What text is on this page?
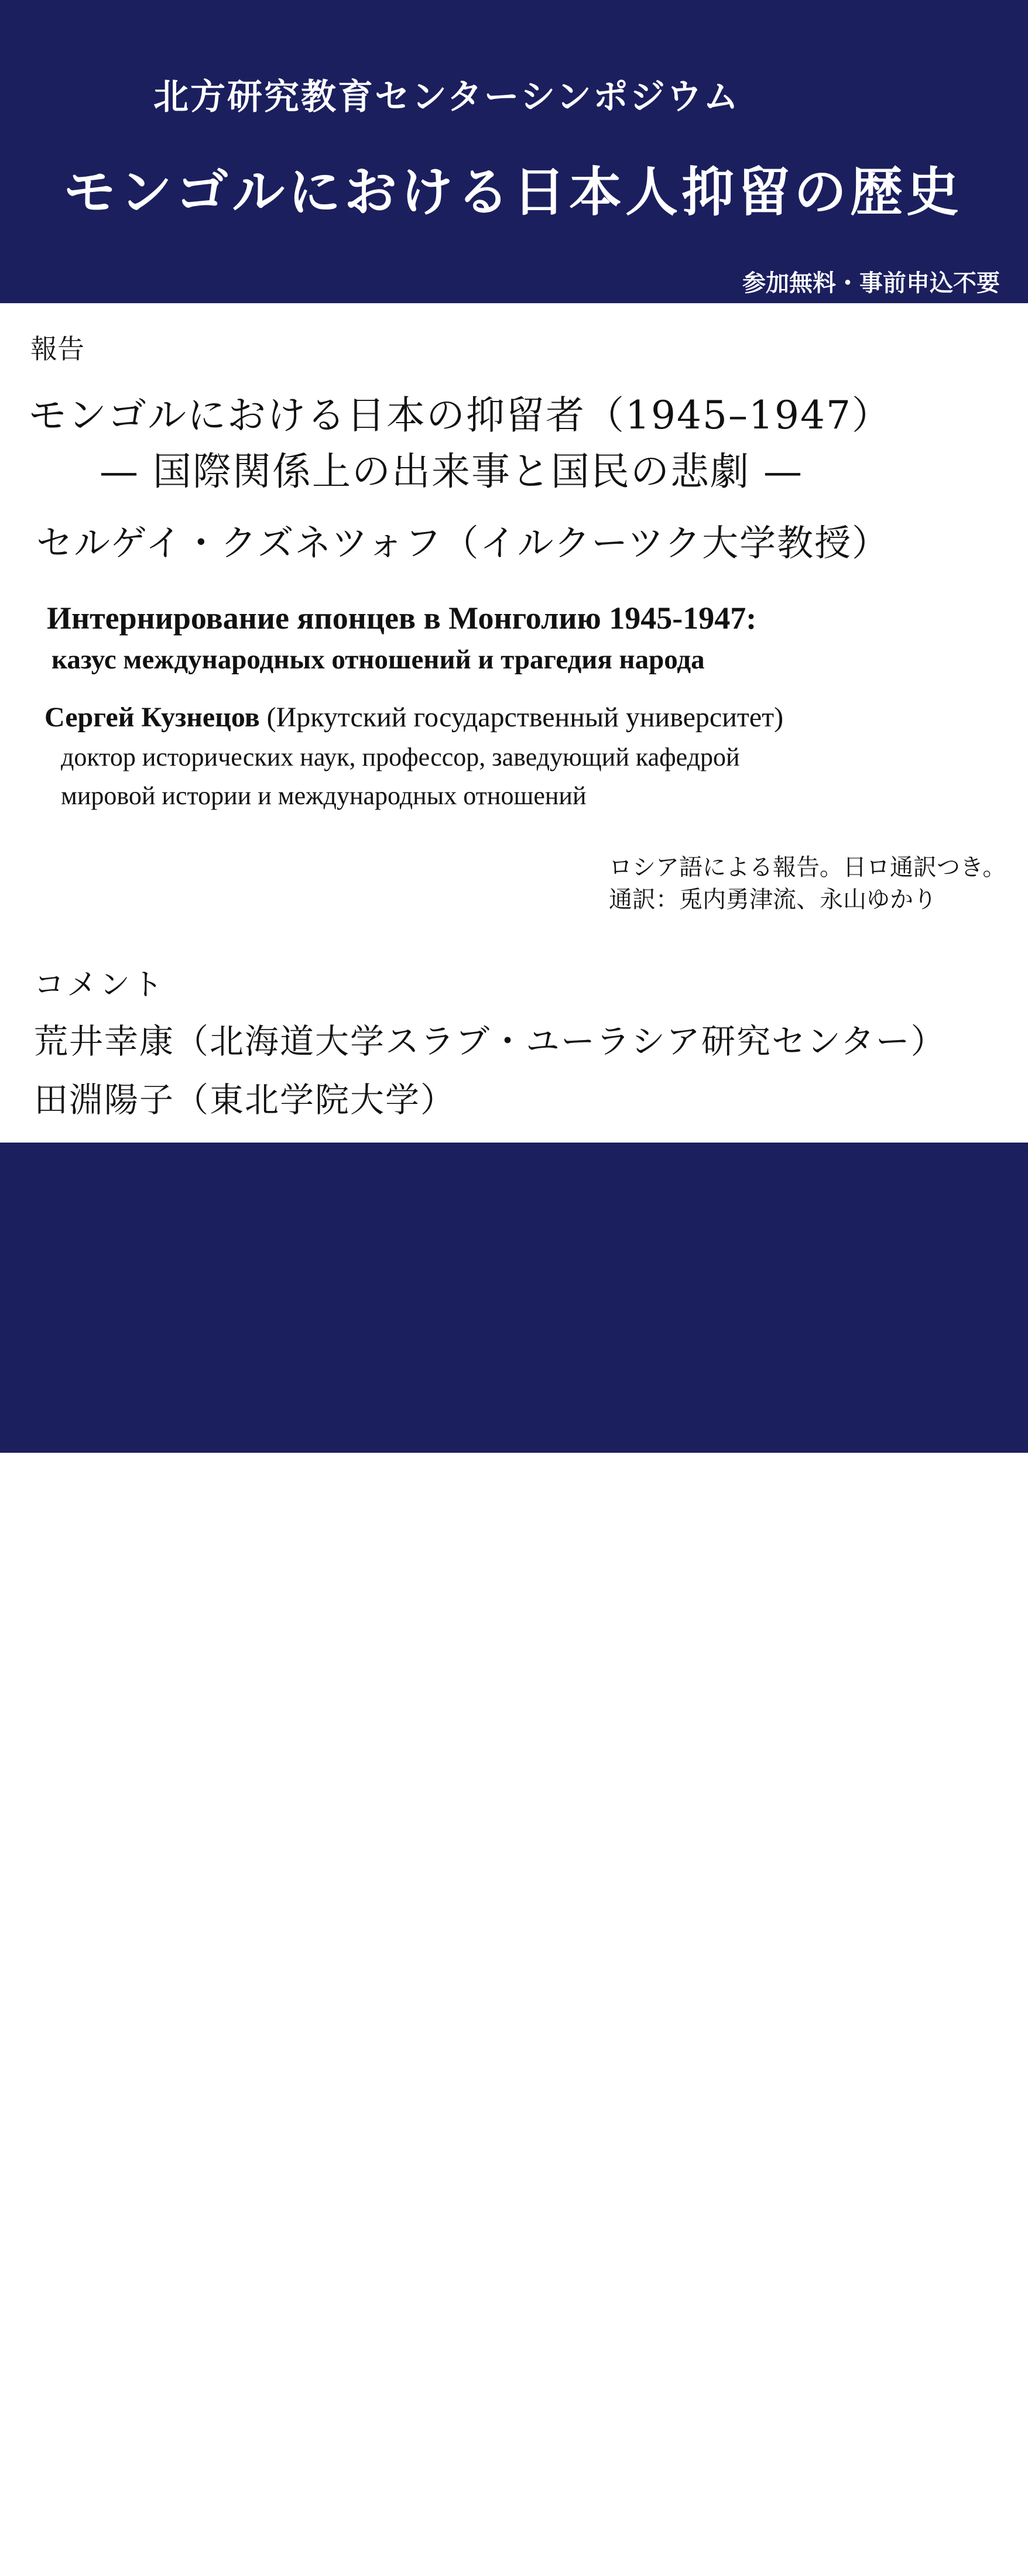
北方研究教育センターシンポジウム

モンゴルにおける日本人抑留の歴史

参加無料・事前申込不要

報告

モンゴルにおける日本の抑留者（1945–1947）

— 国際関係上の出来事と国民の悲劇 —

セルゲイ・クズネツォフ（イルクーツク大学教授）

Интернирование японцев в Монголию 1945-1947:

казус международных отношений и трагедия народа

Сергей Кузнецов (Иркутский государственный университет)

доктор исторических наук, профессор, заведующий кафедрой

мировой истории и международных отношений

ロシア語による報告。日ロ通訳つき。

通訳：兎内勇津流、永山ゆかり

コメント

荒井幸康（北海道大学スラブ・ユーラシア研究センター）

田淵陽子（東北学院大学）

日時：2018年1月26日（金）18:00 ～ 20:30

場所：北海道大学人文・社会科学教育研究棟 W201 室

主催：北海道大学大学院文学研究科 北方研究教育センター

共催：科研基盤研究(A)「日ソ戦争および戦後の引揚・抑留に

関する総合的研究」
